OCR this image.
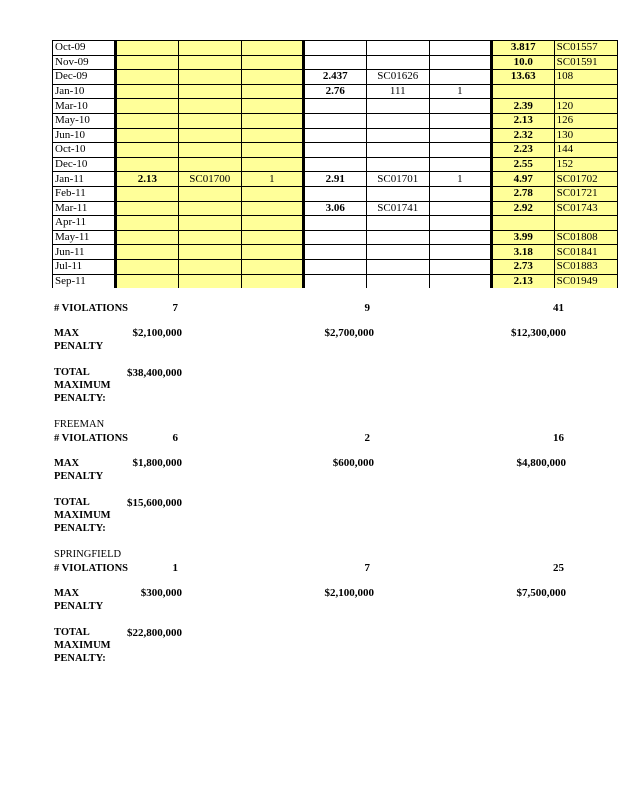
Oct-09							3.817	SC01557
Nov-09							10.0	SC01591
Dec-09				2.437	SC01626		13.63	108
Jan-10				2.76	111	1		
Mar-10							2.39	120
May-10							2.13	126
Jun-10							2.32	130
Oct-10							2.23	144
Dec-10							2.55	152
Jan-11	2.13	SC01700	1	2.91	SC01701	1	4.97	SC01702
Feb-11							2.78	SC01721
Mar-11				3.06	SC01741		2.92	SC01743
Apr-11								
May-11							3.99	SC01808
Jun-11							3.18	SC01841
Jul-11							2.73	SC01883
Sep-11							2.13	SC01949
# VIOLATIONS	7	9	41
MAX
PENALTY
$2,100,000	$2,700,000	$12,300,000
TOTAL
MAXIMUM
PENALTY:
$38,400,000
FREEMAN
# VIOLATIONS	6	2	16
MAX
PENALTY
$1,800,000	$600,000	$4,800,000
TOTAL
MAXIMUM
PENALTY:
$15,600,000
SPRINGFIELD
# VIOLATIONS	1	7	25
MAX
PENALTY
$300,000	$2,100,000	$7,500,000
TOTAL
MAXIMUM
PENALTY:
$22,800,000
